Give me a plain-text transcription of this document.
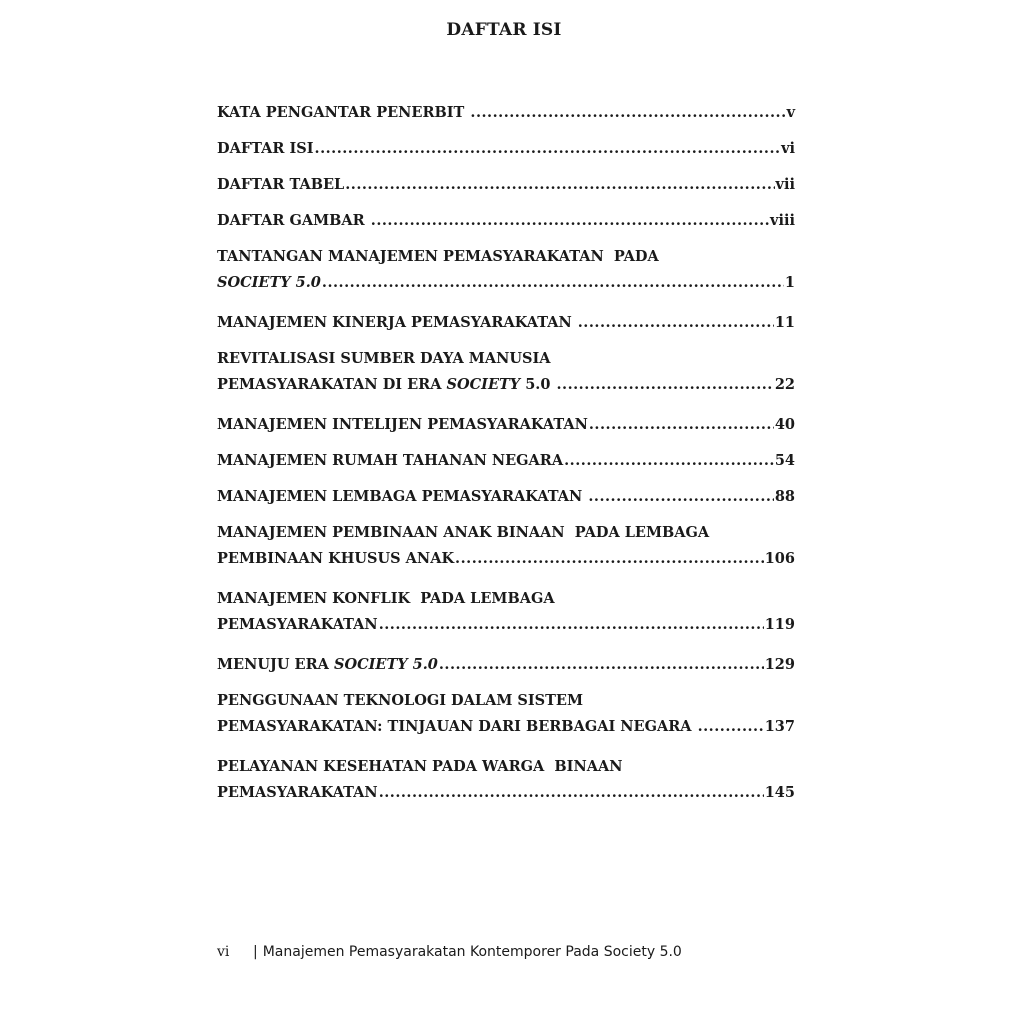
DAFTAR ISI
KATA PENGANTAR PENERBIT .....	v
DAFTAR ISI .....	vi
DAFTAR TABEL .....	vii
DAFTAR GAMBAR .....	viii
TANTANGAN MANAJEMEN PEMASYARAKATAN  PADA
SOCIETY 5.0 .....	1
MANAJEMEN KINERJA PEMASYARAKATAN .....	11
REVITALISASI SUMBER DAYA MANUSIA
PEMASYARAKATAN DI ERA SOCIETY 5.0 .....	22
MANAJEMEN INTELIJEN PEMASYARAKATAN .....	40
MANAJEMEN RUMAH TAHANAN NEGARA .....	54
MANAJEMEN LEMBAGA PEMASYARAKATAN .....	88
MANAJEMEN PEMBINAAN ANAK BINAAN  PADA LEMBAGA
PEMBINAAN KHUSUS ANAK .....	106
MANAJEMEN KONFLIK  PADA LEMBAGA
PEMASYARAKATAN .....	119
MENUJU ERA SOCIETY 5.0 .....	129
PENGGUNAAN TEKNOLOGI DALAM SISTEM
PEMASYARAKATAN: TINJAUAN DARI BERBAGAI NEGARA .....	137
PELAYANAN KESEHATAN PADA WARGA  BINAAN
PEMASYARAKATAN .....	145
vi	| Manajemen Pemasyarakatan Kontemporer Pada Society 5.0
